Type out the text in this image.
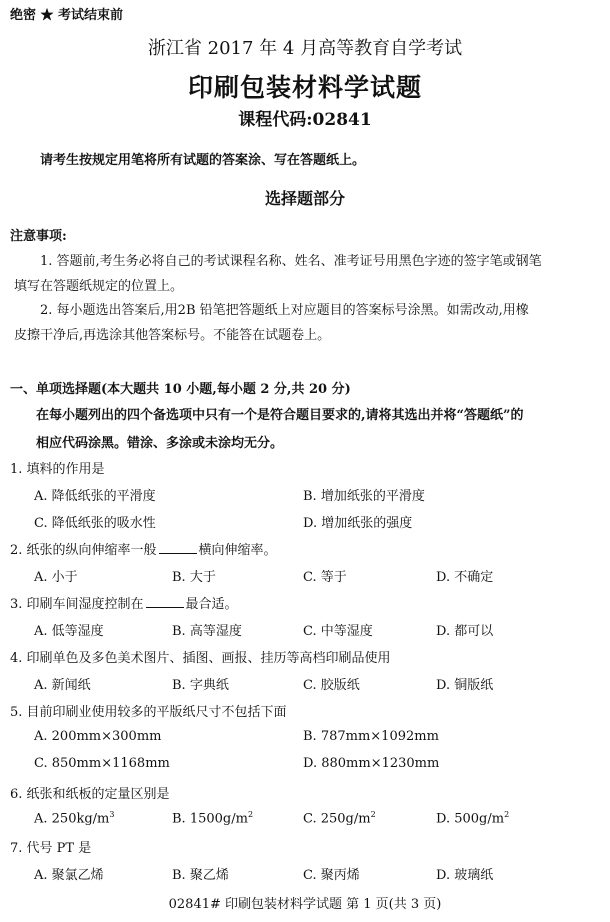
绝密 ★ 考试结束前
浙江省 2017 年 4 月高等教育自学考试
印刷包装材料学试题
课程代码:02841
请考生按规定用笔将所有试题的答案涂、写在答题纸上。
选择题部分
注意事项:
1. 答题前,考生务必将自己的考试课程名称、姓名、准考证号用黑色字迹的签字笔或钢笔
填写在答题纸规定的位置上。
2. 每小题选出答案后,用2B 铅笔把答题纸上对应题目的答案标号涂黑。如需改动,用橡
皮擦干净后,再选涂其他答案标号。不能答在试题卷上。
一、单项选择题(本大题共 10 小题,每小题 2 分,共 20 分)
在每小题列出的四个备选项中只有一个是符合题目要求的,请将其选出并将“答题纸”的
相应代码涂黑。错涂、多涂或未涂均无分。
1. 填料的作用是
A. 降低纸张的平滑度	B. 增加纸张的平滑度
C. 降低纸张的吸水性	D. 增加纸张的强度
2. 纸张的纵向伸缩率一般	横向伸缩率。
A. 小于	B. 大于	C. 等于	D. 不确定
3. 印刷车间湿度控制在	最合适。
A. 低等湿度	B. 高等湿度	C. 中等湿度	D. 都可以
4. 印刷单色及多色美术图片、插图、画报、挂历等高档印刷品使用
A. 新闻纸	B. 字典纸	C. 胶版纸	D. 铜版纸
5. 目前印刷业使用较多的平版纸尺寸不包括下面
A. 200mm×300mm	B. 787mm×1092mm
C. 850mm×1168mm	D. 880mm×1230mm
6. 纸张和纸板的定量区别是
A. $250kg/m^3$	B. $1500g/m^2$	C. $250g/m^2$	D. $500g/m^2$
7. 代号 PT 是
A. 聚氯乙烯	B. 聚乙烯	C. 聚丙烯	D. 玻璃纸
02841# 印刷包装材料学试题 第 1 页(共 3 页)
